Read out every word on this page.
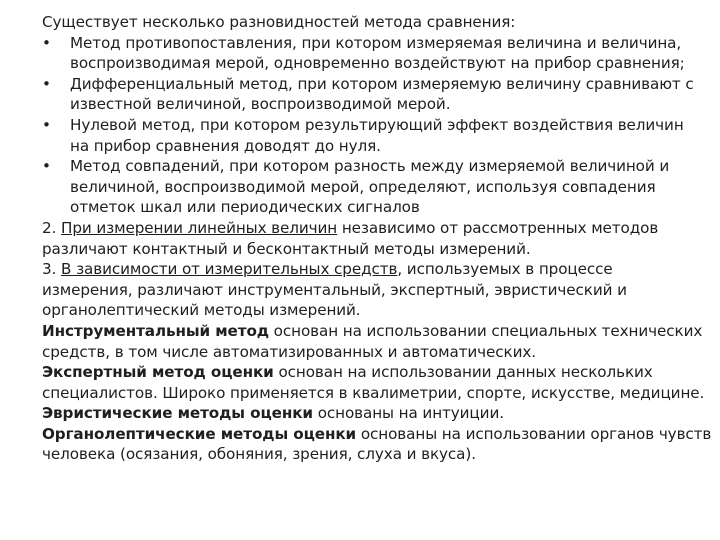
Существует несколько разновидностей метода сравнения:
• Метод противопоставления, при котором измеряемая величина и величина,
воспроизводимая мерой, одновременно воздействуют на прибор сравнения;
• Дифференциальный метод, при котором измеряемую величину сравнивают с
известной величиной, воспроизводимой мерой.
• Нулевой метод, при котором результирующий эффект воздействия величин
на прибор сравнения доводят до нуля.
• Метод совпадений, при котором разность между измеряемой величиной и
величиной, воспроизводимой мерой, определяют, используя совпадения
отметок шкал или периодических сигналов
2. При измерении линейных величин независимо от рассмотренных методов
различают контактный и бесконтактный методы измерений.
3. В зависимости от измерительных средств, используемых в процессе
измерения, различают инструментальный, экспертный, эвристический и
органолептический методы измерений.
Инструментальный метод основан на использовании специальных технических
средств, в том числе автоматизированных и автоматических.
Экспертный метод оценки основан на использовании данных нескольких
специалистов. Широко применяется в квалиметрии, спорте, искусстве, медицине.
Эвристические методы оценки основаны на интуиции.
Органолептические методы оценки основаны на использовании органов чувств
человека (осязания, обоняния, зрения, слуха и вкуса).
